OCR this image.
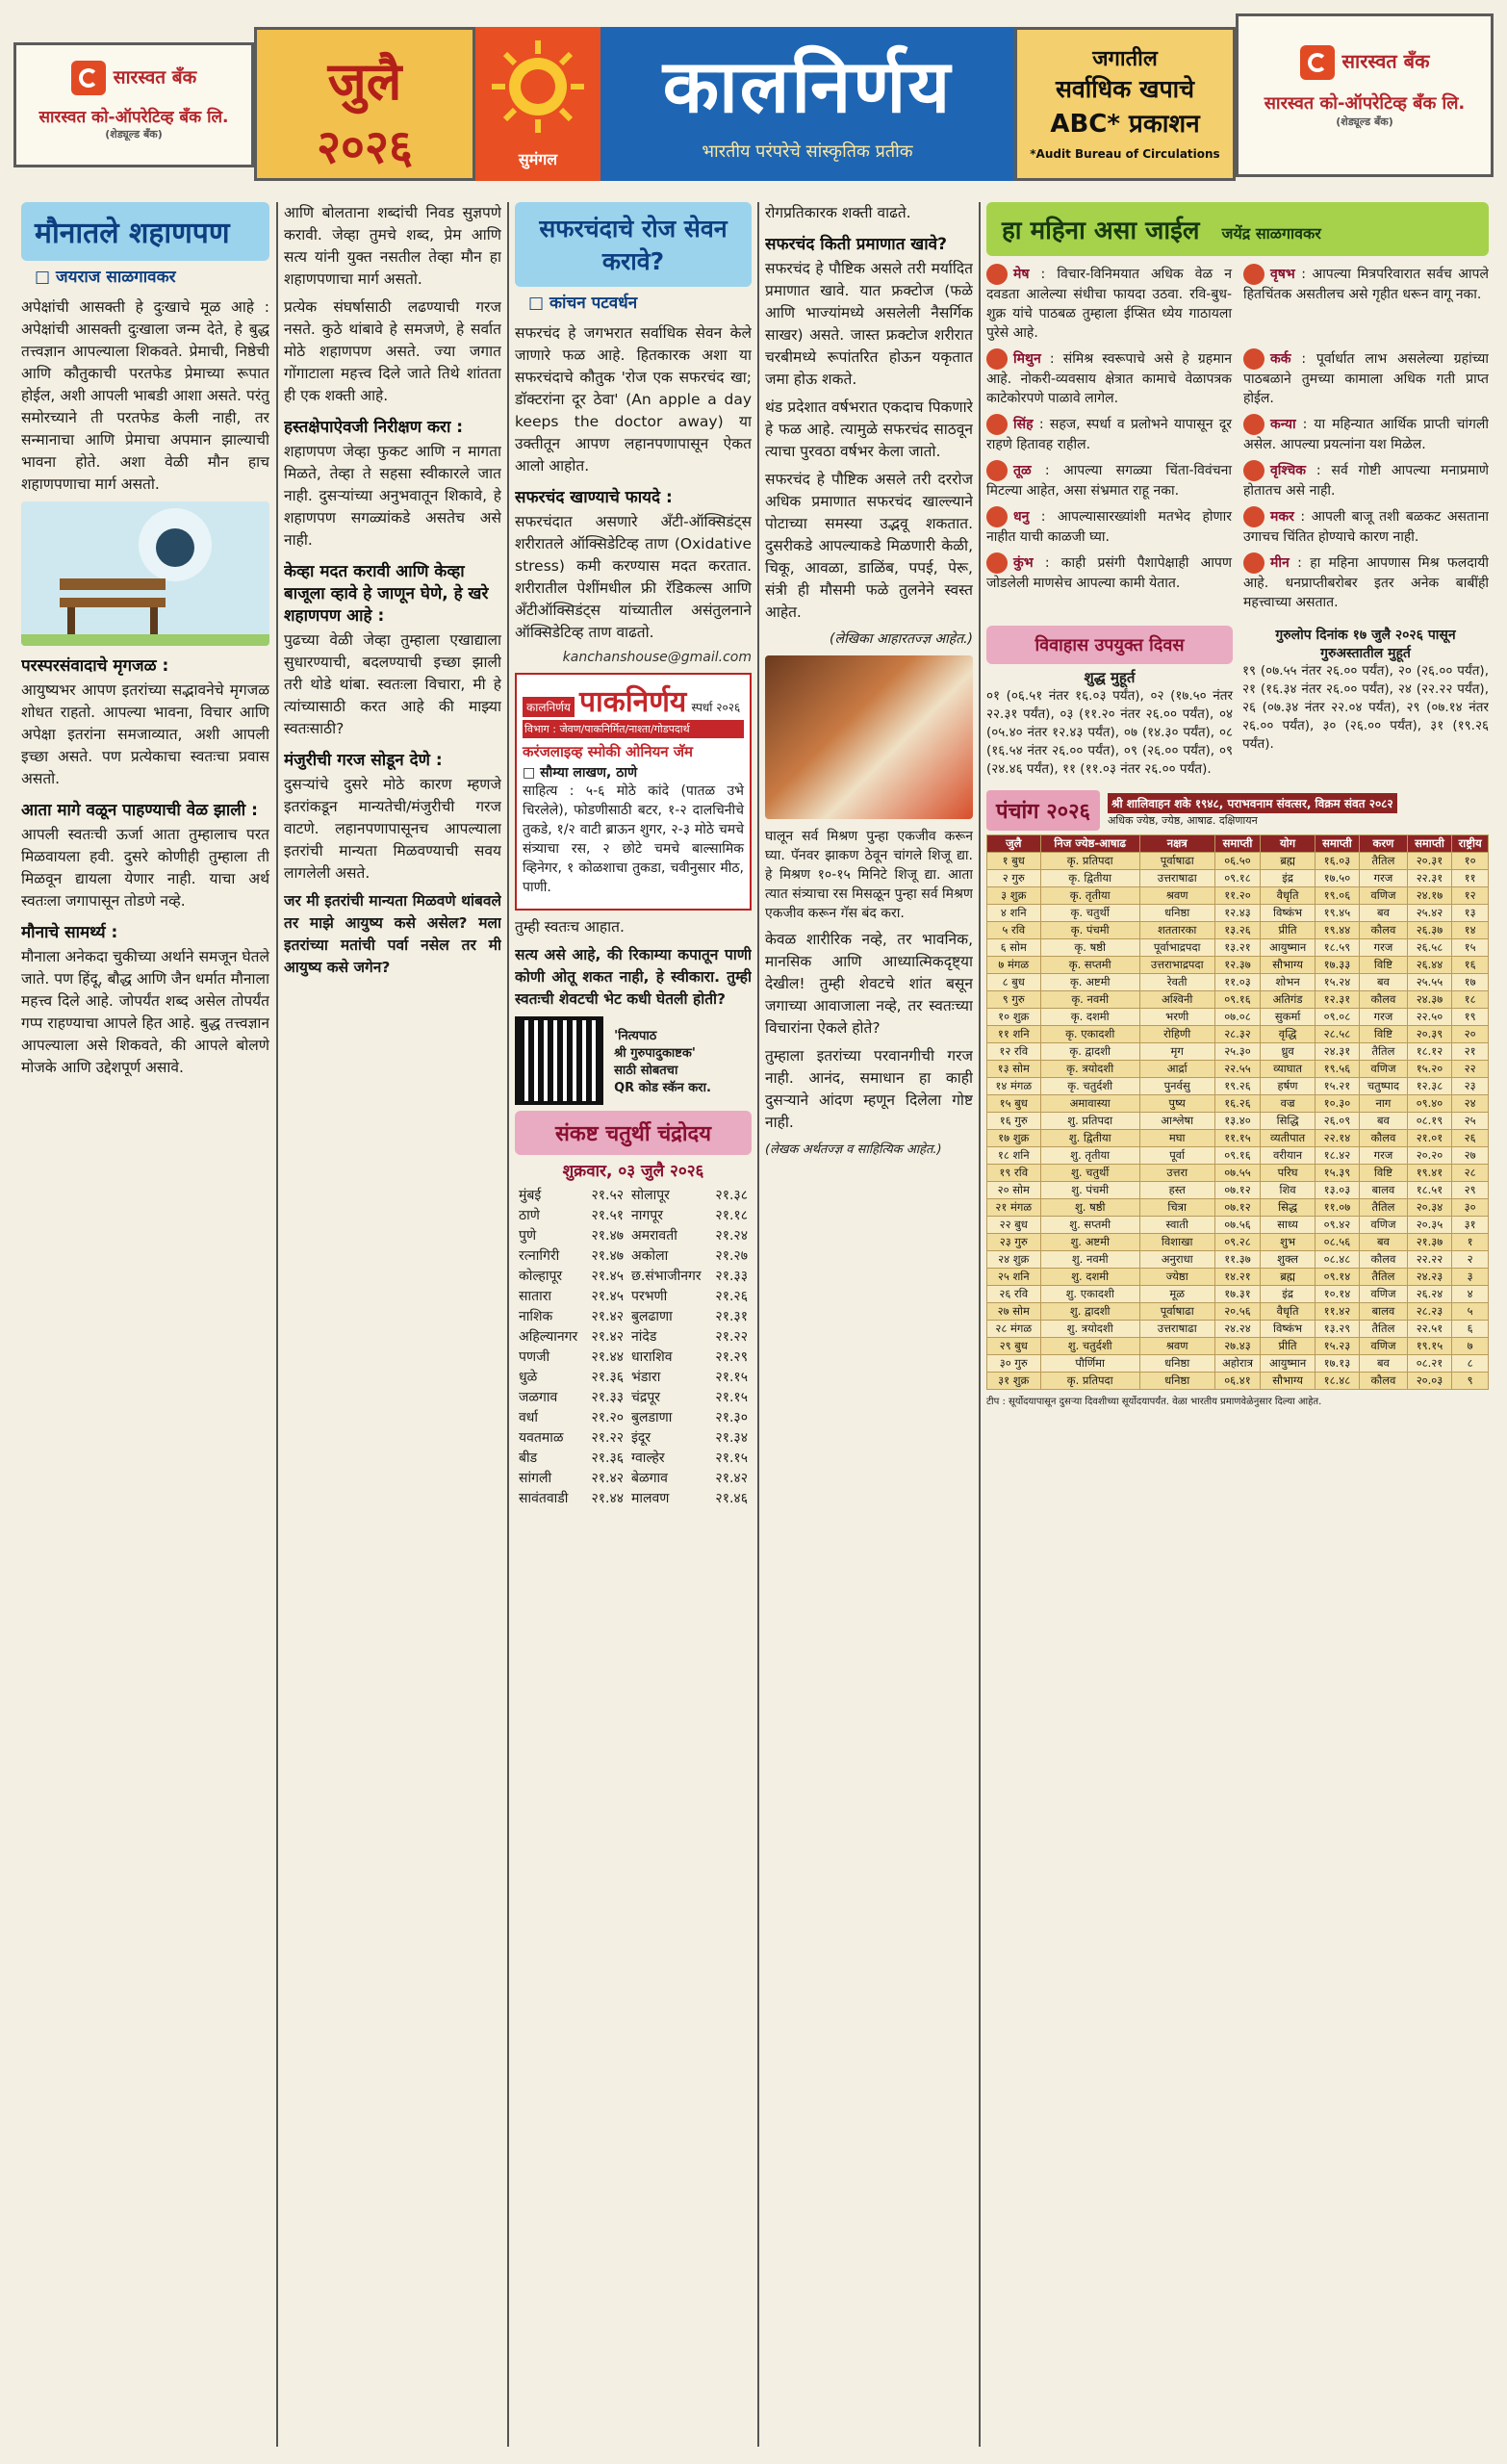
सारस्वत बँक
सारस्वत को-ऑपरेटिव्ह बँक लि.
(शेड्यूल्ड बँक)
जुलै
२०२६	सुमंगल
कालनिर्णय
भारतीय परंपरेचे सांस्कृतिक प्रतीक
जगातील
सर्वाधिक खपाचे
ABC* प्रकाशन
*Audit Bureau of Circulations
सारस्वत बँक
सारस्वत को-ऑपरेटिव्ह बँक लि.
(शेड्यूल्ड बँक)
मौनातले शहाणपण
□ जयराज साळगावकर

अपेक्षांची आसक्ती हे दुःखाचे मूळ आहे : अपेक्षांची आसक्ती दुःखाला जन्म देते, हे बुद्ध तत्त्वज्ञान आपल्याला शिकवते. प्रेमाची, निष्ठेची आणि कौतुकाची परतफेड प्रेमाच्या रूपात होईल, अशी आपली भाबडी आशा असते. परंतु समोरच्याने ती परतफेड केली नाही, तर सन्मानाचा आणि प्रेमाचा अपमान झाल्याची भावना होते. अशा वेळी मौन हाच शहाणपणाचा मार्ग असतो.

परस्परसंवादाचे मृगजळ :

आयुष्यभर आपण इतरांच्या सद्भावनेचे मृगजळ शोधत राहतो. आपल्या भावना, विचार आणि अपेक्षा इतरांना समजाव्यात, अशी आपली इच्छा असते. पण प्रत्येकाचा स्वतःचा प्रवास असतो.

आता मागे वळून पाहण्याची वेळ झाली :

आपली स्वतःची ऊर्जा आता तुम्हालाच परत मिळवायला हवी. दुसरे कोणीही तुम्हाला ती मिळवून द्यायला येणार नाही. याचा अर्थ स्वतःला जगापासून तोडणे नव्हे.

मौनाचे सामर्थ्य :

मौनाला अनेकदा चुकीच्या अर्थाने समजून घेतले जाते. पण हिंदू, बौद्ध आणि जैन धर्मात मौनाला महत्त्व दिले आहे. जोपर्यंत शब्द असेल तोपर्यंत गप्प राहण्याचा आपले हित आहे. बुद्ध तत्त्वज्ञान आपल्याला असे शिकवते, की आपले बोलणे मोजके आणि उद्देशपूर्ण असावे.

आणि बोलताना शब्दांची निवड सुज्ञपणे करावी. जेव्हा तुमचे शब्द, प्रेम आणि सत्य यांनी युक्त नसतील तेव्हा मौन हा शहाणपणाचा मार्ग असतो.

प्रत्येक संघर्षासाठी लढण्याची गरज नसते. कुठे थांबावे हे समजणे, हे सर्वात मोठे शहाणपण असते. ज्या जगात गोंगाटाला महत्त्व दिले जाते तिथे शांतता ही एक शक्ती आहे.

हस्तक्षेपाऐवजी निरीक्षण करा :

शहाणपण जेव्हा फुकट आणि न मागता मिळते, तेव्हा ते सहसा स्वीकारले जात नाही. दुसऱ्यांच्या अनुभवातून शिकावे, हे शहाणपण सगळ्यांकडे असतेच असे नाही.

केव्हा मदत करावी आणि केव्हा बाजूला व्हावे हे जाणून घेणे, हे खरे शहाणपण आहे :

पुढच्या वेळी जेव्हा तुम्हाला एखाद्याला सुधारण्याची, बदलण्याची इच्छा झाली तरी थोडे थांबा. स्वतःला विचारा, मी हे त्यांच्यासाठी करत आहे की माझ्या स्वतःसाठी?

मंजुरीची गरज सोडून देणे :

दुसऱ्यांचे दुसरे मोठे कारण म्हणजे इतरांकडून मान्यतेची/मंजुरीची गरज वाटणे. लहानपणापासूनच आपल्याला इतरांची मान्यता मिळवण्याची सवय लागलेली असते.

जर मी इतरांची मान्यता मिळवणे थांबवले तर माझे आयुष्य कसे असेल? मला इतरांच्या मतांची पर्वा नसेल तर मी आयुष्य कसे जगेन?

सफरचंदाचे रोज सेवन करावे?
□ कांचन पटवर्धन

सफरचंद हे जगभरात सर्वाधिक सेवन केले जाणारे फळ आहे. हितकारक अशा या सफरचंदाचे कौतुक 'रोज एक सफरचंद खा; डॉक्टरांना दूर ठेवा' (An apple a day keeps the doctor away) या उक्तीतून आपण लहानपणापासून ऐकत आलो आहोत.

सफरचंद खाण्याचे फायदे :

सफरचंदात असणारे अँटी-ऑक्सिडंट्स शरीरातले ऑक्सिडेटिव्ह ताण (Oxidative stress) कमी करण्यास मदत करतात. शरीरातील पेशींमधील फ्री रॅडिकल्स आणि अँटीऑक्सिडंट्स यांच्यातील असंतुलनाने ऑक्सिडेटिव्ह ताण वाढतो.

kanchanshouse@gmail.com
कालनिर्णय पाकनिर्णय स्पर्धा २०२६
विभाग : जेवण/पाकनिर्मित/नाश्ता/गोडपदार्थ
करंजलाइव्ह स्मोकी ओनियन जॅम
□ सौम्या लाखण, ठाणे

साहित्य : ५-६ मोठे कांदे (पातळ उभे चिरलेले), फोडणीसाठी बटर, १-२ दालचिनीचे तुकडे, १/२ वाटी ब्राऊन शुगर, २-३ मोठे चमचे संत्र्याचा रस, २ छोटे चमचे बाल्सामिक व्हिनेगर, १ कोळशाचा तुकडा, चवीनुसार मीठ, पाणी.

तुम्ही स्वतःच आहात.

सत्य असे आहे, की रिकाम्या कपातून पाणी कोणी ओतू शकत नाही, हे स्वीकारा. तुम्ही स्वतःची शेवटची भेट कधी घेतली होती?

'नित्यपाठ
श्री गुरुपादुकाष्टक'
साठी सोबतचा
QR कोड स्कॅन करा.
संकष्ट चतुर्थी चंद्रोदय
शुक्रवार, ०३ जुलै २०२६
मुंबई	२१.५२	सोलापूर	२१.३८
ठाणे	२१.५१	नागपूर	२१.१८
पुणे	२१.४७	अमरावती	२१.२४
रत्नागिरी	२१.४७	अकोला	२१.२७
कोल्हापूर	२१.४५	छ.संभाजीनगर	२१.३३
सातारा	२१.४५	परभणी	२१.२६
नाशिक	२१.४२	बुलढाणा	२१.३१
अहिल्यानगर	२१.४२	नांदेड	२१.२२
पणजी	२१.४४	धाराशिव	२१.२९
धुळे	२१.३६	भंडारा	२१.१५
जळगाव	२१.३३	चंद्रपूर	२१.१५
वर्धा	२१.२०	बुलडाणा	२१.३०
यवतमाळ	२१.२२	इंदूर	२१.३४
बीड	२१.३६	ग्वाल्हेर	२१.१५
सांगली	२१.४२	बेळगाव	२१.४२
सावंतवाडी	२१.४४	मालवण	२१.४६

रोगप्रतिकारक शक्ती वाढते.

सफरचंद किती प्रमाणात खावे?

सफरचंद हे पौष्टिक असले तरी मर्यादित प्रमाणात खावे. यात फ्रक्टोज (फळे आणि भाज्यांमध्ये असलेली नैसर्गिक साखर) असते. जास्त फ्रक्टोज शरीरात चरबीमध्ये रूपांतरित होऊन यकृतात जमा होऊ शकते.

थंड प्रदेशात वर्षभरात एकदाच पिकणारे हे फळ आहे. त्यामुळे सफरचंद साठवून त्याचा पुरवठा वर्षभर केला जातो.

सफरचंद हे पौष्टिक असले तरी दररोज अधिक प्रमाणात सफरचंद खाल्ल्याने पोटाच्या समस्या उद्भवू शकतात. दुसरीकडे आपल्याकडे मिळणारी केळी, चिकू, आवळा, डाळिंब, पपई, पेरू, संत्री ही मौसमी फळे तुलनेने स्वस्त आहेत.

(लेखिका आहारतज्ज्ञ आहेत.)

घालून सर्व मिश्रण पुन्हा एकजीव करून घ्या. पॅनवर झाकण ठेवून चांगले शिजू द्या. हे मिश्रण १०-१५ मिनिटे शिजू द्या. आता त्यात संत्र्याचा रस मिसळून पुन्हा सर्व मिश्रण एकजीव करून गॅस बंद करा.

केवळ शारीरिक नव्हे, तर भावनिक, मानसिक आणि आध्यात्मिकदृष्ट्या देखील! तुम्ही शेवटचे शांत बसून जगाच्या आवाजाला नव्हे, तर स्वतःच्या विचारांना ऐकले होते?

तुम्हाला इतरांच्या परवानगीची गरज नाही. आनंद, समाधान हा काही दुसऱ्याने आंदण म्हणून दिलेला गोष्ट नाही.

(लेखक अर्थतज्ज्ञ व साहित्यिक आहेत.)
हा महिना असा जाईल जयेंद्र साळगावकर
मेष : विचार-विनिमयात अधिक वेळ न दवडता आलेल्या संधीचा फायदा उठवा. रवि-बुध-शुक्र यांचे पाठबळ तुम्हाला ईप्सित ध्येय गाठायला पुरेसे आहे.
वृषभ : आपल्या मित्रपरिवारात सर्वच आपले हितचिंतक असतीलच असे गृहीत धरून वागू नका.
मिथुन : संमिश्र स्वरूपाचे असे हे ग्रहमान आहे. नोकरी-व्यवसाय क्षेत्रात कामाचे वेळापत्रक काटेकोरपणे पाळावे लागेल.
कर्क : पूर्वार्धात लाभ असलेल्या ग्रहांच्या पाठबळाने तुमच्या कामाला अधिक गती प्राप्त होईल.
सिंह : सहज, स्पर्धा व प्रलोभने यापासून दूर राहणे हितावह राहील.
कन्या : या महिन्यात आर्थिक प्राप्ती चांगली असेल. आपल्या प्रयत्नांना यश मिळेल.
तूळ : आपल्या सगळ्या चिंता-विवंचना मिटल्या आहेत, असा संभ्रमात राहू नका.
वृश्चिक : सर्व गोष्टी आपल्या मनाप्रमाणे होतातच असे नाही.
धनु : आपल्यासारख्यांशी मतभेद होणार नाहीत याची काळजी घ्या.
मकर : आपली बाजू तशी बळकट असताना उगाचच चिंतित होण्याचे कारण नाही.
कुंभ : काही प्रसंगी पैशापेक्षाही आपण जोडलेली माणसेच आपल्या कामी येतात.
मीन : हा महिना आपणास मिश्र फलदायी आहे. धनप्राप्तीबरोबर इतर अनेक बाबींही महत्त्वाच्या असतात.
विवाहास उपयुक्त दिवस
शुद्ध मुहूर्त

०१ (०६.५१ नंतर १६.०३ पर्यंत), ०२ (१७.५० नंतर २२.३१ पर्यंत), ०३ (११.२० नंतर २६.०० पर्यंत), ०४ (०५.४० नंतर १२.४३ पर्यंत), ०७ (१४.३० पर्यंत), ०८ (१६.५४ नंतर २६.०० पर्यंत), ०९ (२६.०० पर्यंत), ०९ (२४.४६ पर्यंत), ११ (११.०३ नंतर २६.०० पर्यंत).

गुरुलोप दिनांक १७ जुलै २०२६ पासून गुरुअस्तातील मुहूर्त

१९ (०७.५५ नंतर २६.०० पर्यंत), २० (२६.०० पर्यंत), २१ (१६.३४ नंतर २६.०० पर्यंत), २४ (२२.२२ पर्यंत), २६ (०७.३४ नंतर २२.०४ पर्यंत), २९ (०७.१४ नंतर २६.०० पर्यंत), ३० (२६.०० पर्यंत), ३१ (१९.२६ पर्यंत).

पंचांग २०२६	श्री शालिवाहन शके १९४८, पराभवनाम संवत्सर, विक्रम संवत २०८२
अधिक ज्येष्ठ, ज्येष्ठ, आषाढ. दक्षिणायन
जुलै	निज ज्येष्ठ-आषाढ	नक्षत्र	समाप्ती	योग	समाप्ती	करण	समाप्ती	राष्ट्रीय
१ बुध	कृ. प्रतिपदा	पूर्वाषाढा	०६.५०	ब्रह्म	१६.०३	तैतिल	२०.३१	१०
२ गुरु	कृ. द्वितीया	उत्तराषाढा	०९.१८	इंद्र	१७.५०	गरज	२२.३१	११
३ शुक्र	कृ. तृतीया	श्रवण	११.२०	वैधृति	१९.०६	वणिज	२४.१७	१२
४ शनि	कृ. चतुर्थी	धनिष्ठा	१२.४३	विष्कंभ	१९.४५	बव	२५.४२	१३
५ रवि	कृ. पंचमी	शततारका	१३.२६	प्रीति	१९.४४	कौलव	२६.३७	१४
६ सोम	कृ. षष्ठी	पूर्वाभाद्रपदा	१३.२१	आयुष्मान	१८.५९	गरज	२६.५८	१५
७ मंगळ	कृ. सप्तमी	उत्तराभाद्रपदा	१२.३७	सौभाग्य	१७.३३	विष्टि	२६.४४	१६
८ बुध	कृ. अष्टमी	रेवती	११.०३	शोभन	१५.२४	बव	२५.५५	१७
९ गुरु	कृ. नवमी	अश्विनी	०९.१६	अतिगंड	१२.३१	कौलव	२४.३७	१८
१० शुक्र	कृ. दशमी	भरणी	०७.०८	सुकर्मा	०९.०८	गरज	२२.५०	१९
११ शनि	कृ. एकादशी	रोहिणी	२८.३२	वृद्धि	२८.५८	विष्टि	२०.३९	२०
१२ रवि	कृ. द्वादशी	मृग	२५.३०	ध्रुव	२४.३१	तैतिल	१८.१२	२१
१३ सोम	कृ. त्रयोदशी	आर्द्रा	२२.५५	व्याघात	१९.५६	वणिज	१५.२०	२२
१४ मंगळ	कृ. चतुर्दशी	पुनर्वसु	१९.२६	हर्षण	१५.२१	चतुष्पाद	१२.३८	२३
१५ बुध	अमावास्या	पुष्य	१६.२६	वज्र	१०.३०	नाग	०९.४०	२४
१६ गुरु	शु. प्रतिपदा	आश्लेषा	१३.४०	सिद्धि	२६.०९	बव	०८.१९	२५
१७ शुक्र	शु. द्वितीया	मघा	११.१५	व्यतीपात	२२.१४	कौलव	२१.०१	२६
१८ शनि	शु. तृतीया	पूर्वा	०९.१६	वरीयान	१८.४२	गरज	२०.२०	२७
१९ रवि	शु. चतुर्थी	उत्तरा	०७.५५	परिघ	१५.३९	विष्टि	१९.४१	२८
२० सोम	शु. पंचमी	हस्त	०७.१२	शिव	१३.०३	बालव	१८.५१	२९
२१ मंगळ	शु. षष्ठी	चित्रा	०७.१२	सिद्ध	११.०७	तैतिल	२०.३४	३०
२२ बुध	शु. सप्तमी	स्वाती	०७.५६	साध्य	०९.४२	वणिज	२०.३५	३१
२३ गुरु	शु. अष्टमी	विशाखा	०९.२८	शुभ	०८.५६	बव	२१.३७	१
२४ शुक्र	शु. नवमी	अनुराधा	११.३७	शुक्ल	०८.४८	कौलव	२२.२२	२
२५ शनि	शु. दशमी	ज्येष्ठा	१४.२१	ब्रह्म	०९.१४	तैतिल	२४.२३	३
२६ रवि	शु. एकादशी	मूळ	१७.३१	इंद्र	१०.१४	वणिज	२६.२४	४
२७ सोम	शु. द्वादशी	पूर्वाषाढा	२०.५६	वैधृति	११.४२	बालव	२८.२३	५
२८ मंगळ	शु. त्रयोदशी	उत्तराषाढा	२४.२४	विष्कंभ	१३.२९	तैतिल	२२.५१	६
२९ बुध	शु. चतुर्दशी	श्रवण	२७.४३	प्रीति	१५.२३	वणिज	१९.१५	७
३० गुरु	पौर्णिमा	धनिष्ठा	अहोरात्र	आयुष्मान	१७.१३	बव	०८.२१	८
३१ शुक्र	कृ. प्रतिपदा	धनिष्ठा	०६.४१	सौभाग्य	१८.४८	कौलव	२०.०३	९
टीप : सूर्योदयापासून दुसऱ्या दिवशीच्या सूर्योदयापर्यंत. वेळा भारतीय प्रमाणवेळेनुसार दिल्या आहेत.
